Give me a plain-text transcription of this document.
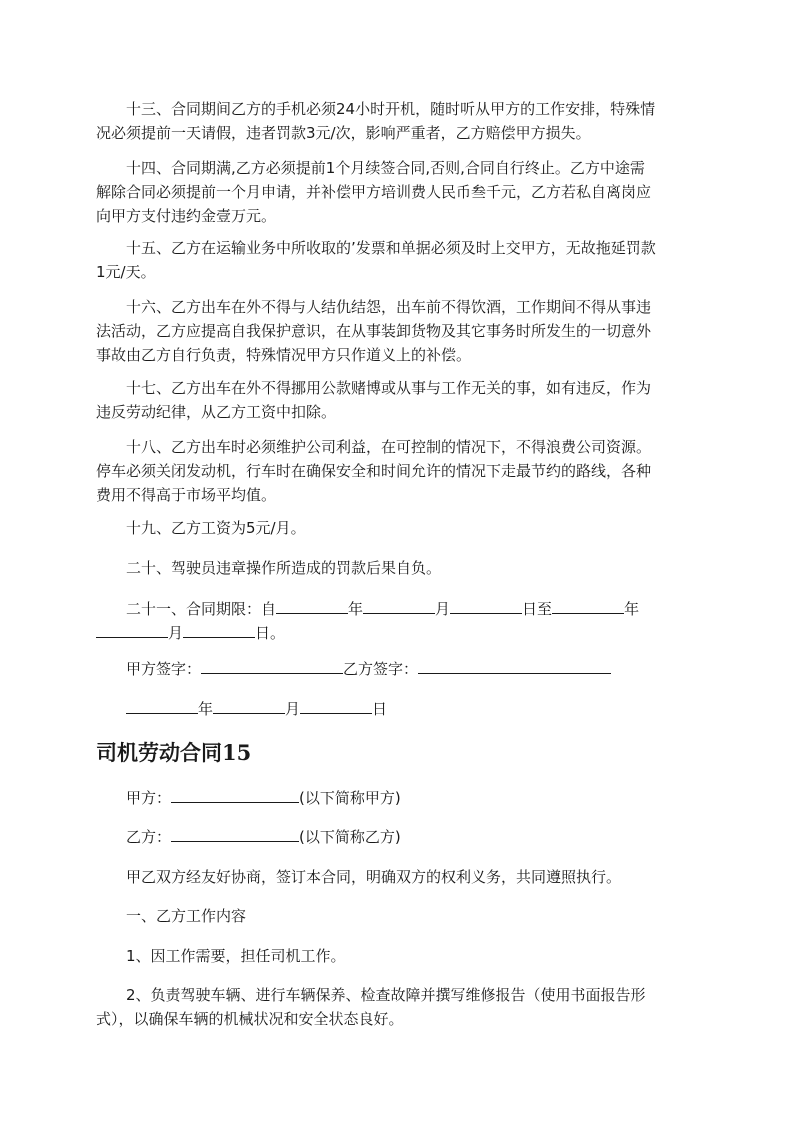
　　十三、合同期间乙方的手机必须24小时开机，随时听从甲方的工作安排，特殊情
况必须提前一天请假，违者罚款3元/次，影响严重者，乙方赔偿甲方损失。

　　十四、合同期满,乙方必须提前1个月续签合同,否则,合同自行终止。乙方中途需
解除合同必须提前一个月申请，并补偿甲方培训费人民币叁千元，乙方若私自离岗应
向甲方支付违约金壹万元。

　　十五、乙方在运输业务中所收取的’发票和单据必须及时上交甲方，无故拖延罚款
1元/天。

　　十六、乙方出车在外不得与人结仇结怨，出车前不得饮酒，工作期间不得从事违
法活动，乙方应提高自我保护意识，在从事装卸货物及其它事务时所发生的一切意外
事故由乙方自行负责，特殊情况甲方只作道义上的补偿。

　　十七、乙方出车在外不得挪用公款赌博或从事与工作无关的事，如有违反，作为
违反劳动纪律，从乙方工资中扣除。

　　十八、乙方出车时必须维护公司利益，在可控制的情况下，不得浪费公司资源。
停车必须关闭发动机，行车时在确保安全和时间允许的情况下走最节约的路线，各种
费用不得高于市场平均值。

　　十九、乙方工资为5元/月。

　　二十、驾驶员违章操作所造成的罚款后果自负。

　　二十一、合同期限：自	年	月	日至	年
月	日。

　　甲方签字：	乙方签字：

　　年	月	日

司机劳动合同15

　　甲方：	(以下简称甲方)

　　乙方：	(以下简称乙方)

　　甲乙双方经友好协商，签订本合同，明确双方的权利义务，共同遵照执行。

　　一、乙方工作内容

　　1、因工作需要，担任司机工作。

　　2、负责驾驶车辆、进行车辆保养、检查故障并撰写维修报告（使用书面报告形
式），以确保车辆的机械状况和安全状态良好。
